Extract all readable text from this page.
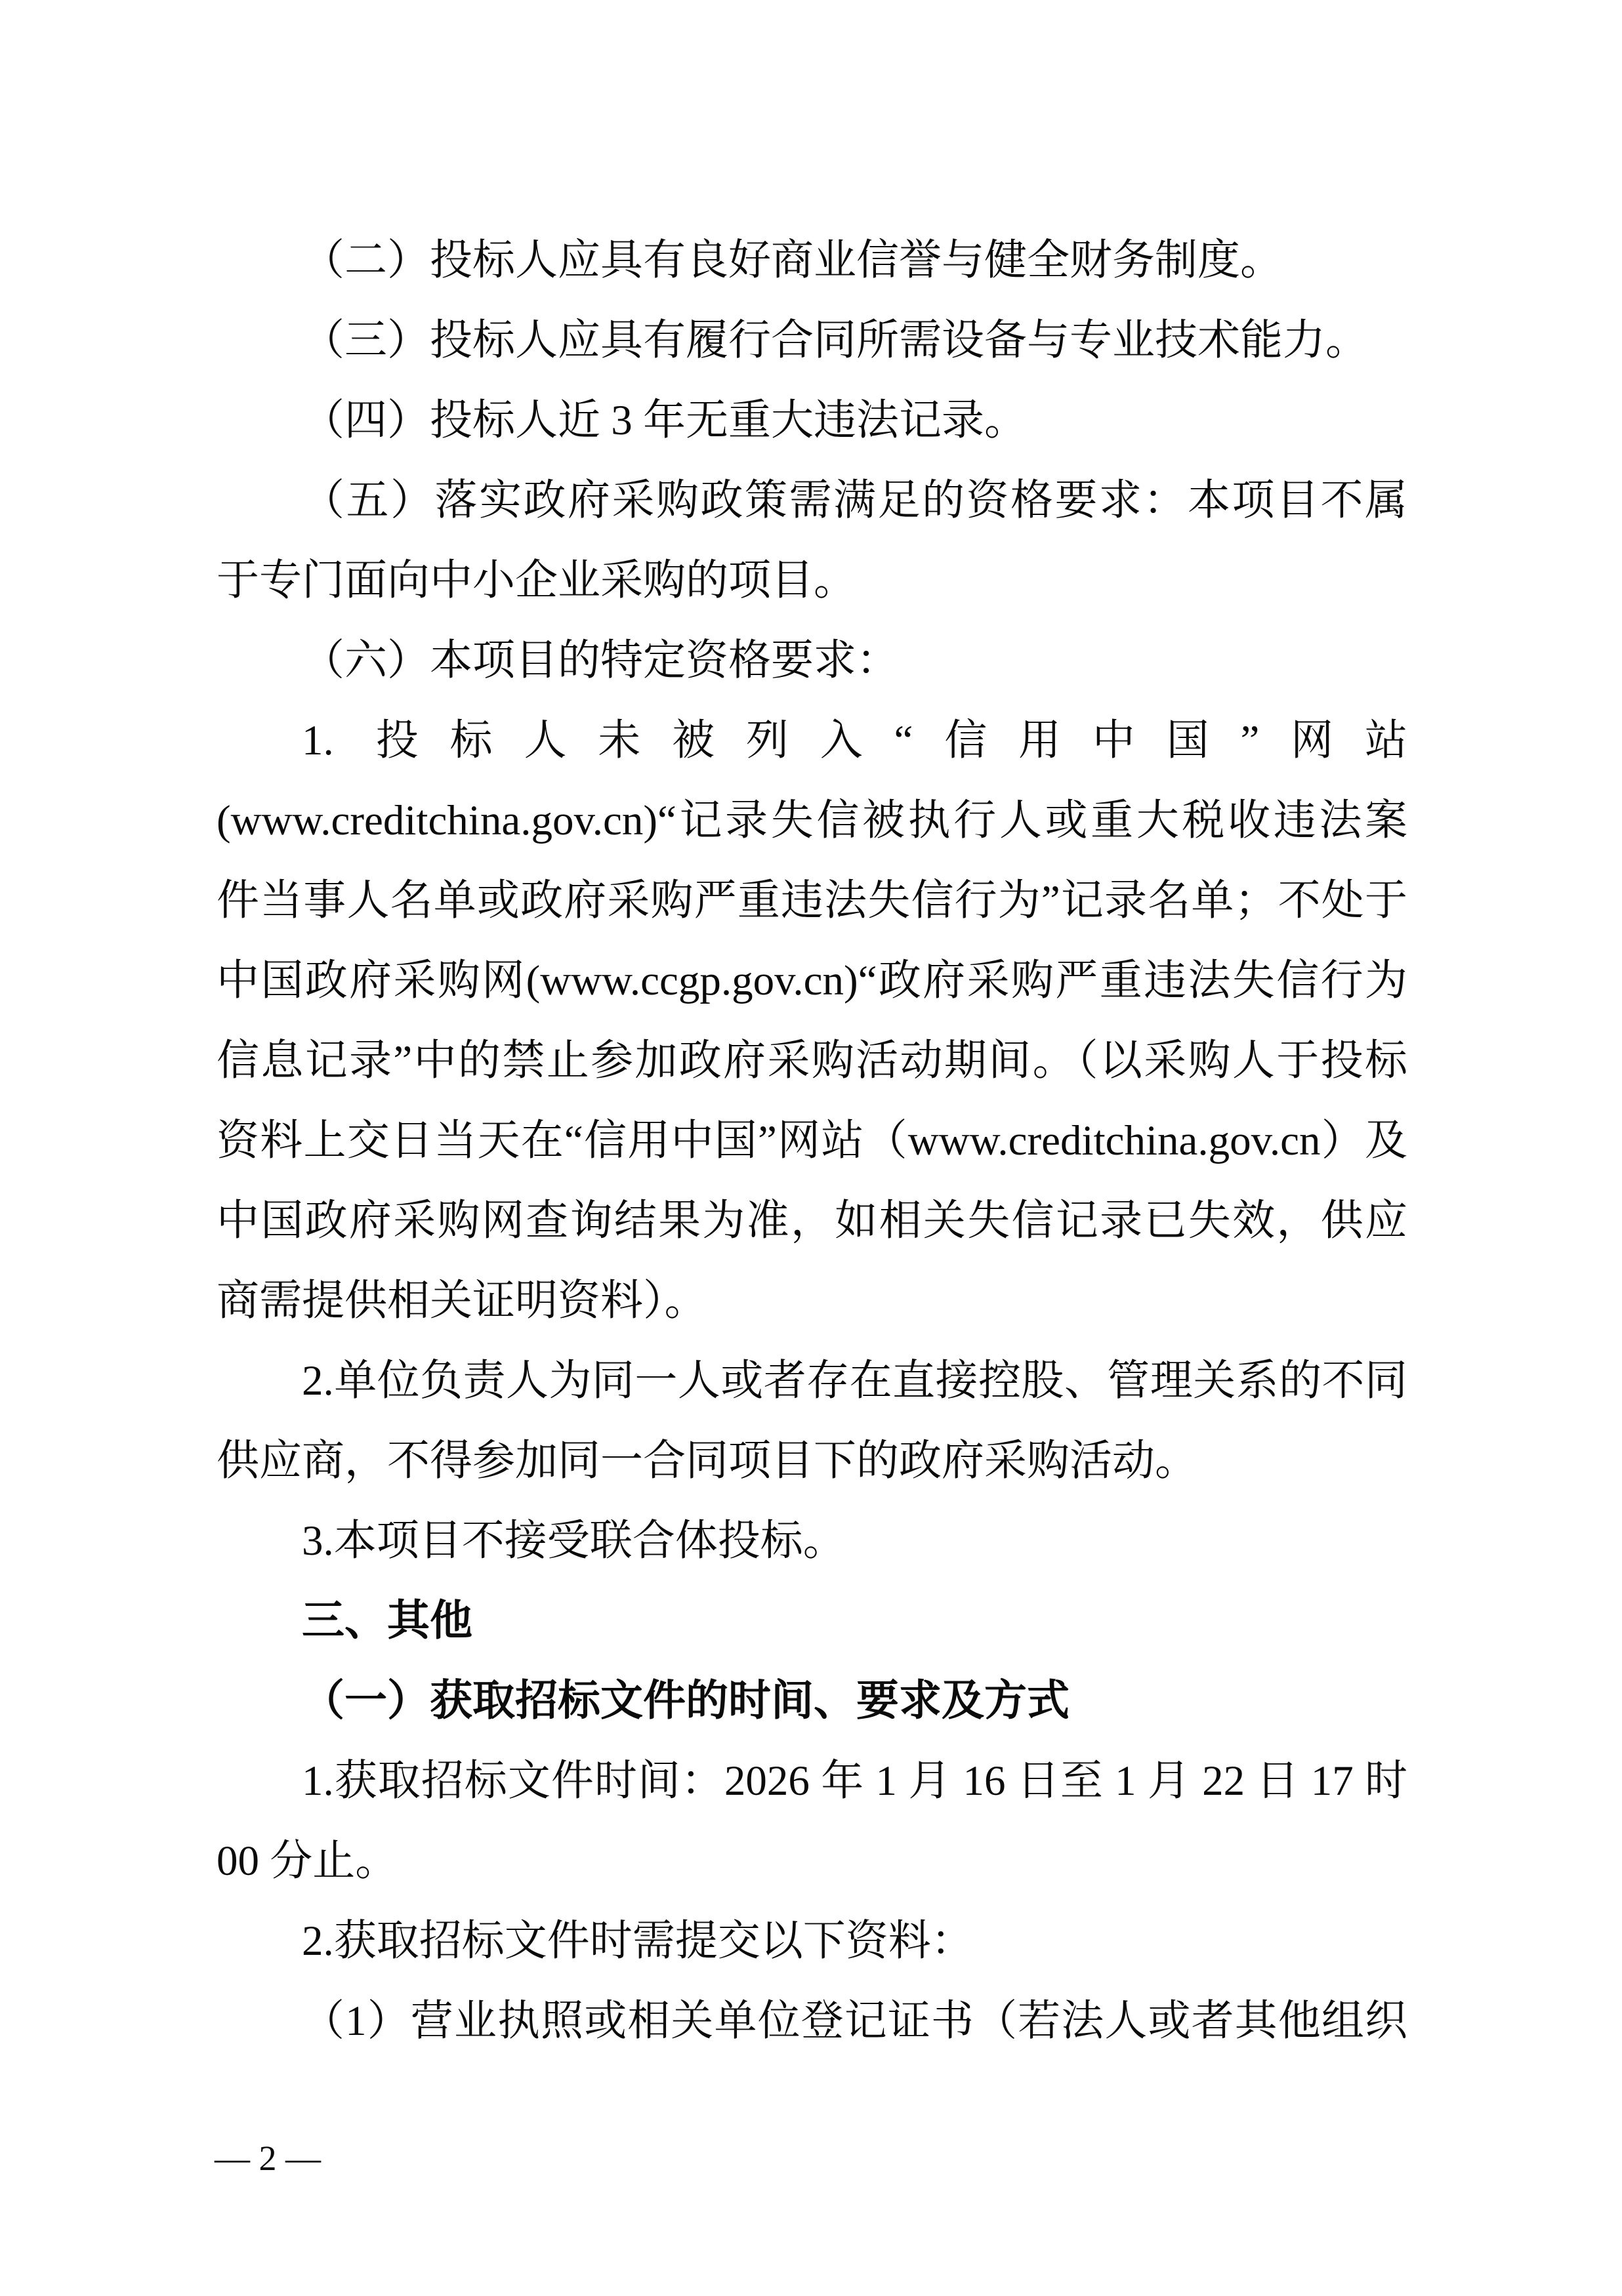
（二）投标人应具有良好商业信誉与健全财务制度。
（三）投标人应具有履行合同所需设备与专业技术能力。
（四）投标人近 3 年无重大违法记录。
（五）落实政府采购政策需满足的资格要求：本项目不属
于专门面向中小企业采购的项目。
（六）本项目的特定资格要求：
1. 投标人未被列入“信用中国”网站
(www.creditchina.gov.cn)“记录失信被执行人或重大税收违法案
件当事人名单或政府采购严重违法失信行为”记录名单；不处于
中国政府采购网(www.ccgp.gov.cn)“政府采购严重违法失信行为
信息记录”中的禁止参加政府采购活动期间。（以采购人于投标
资料上交日当天在“信用中国”网站（www.creditchina.gov.cn）及
中国政府采购网查询结果为准，如相关失信记录已失效，供应
商需提供相关证明资料）。
2.单位负责人为同一人或者存在直接控股、管理关系的不同
供应商，不得参加同一合同项目下的政府采购活动。
3.本项目不接受联合体投标。
三、其他
（一）获取招标文件的时间、要求及方式
1.获取招标文件时间：2026 年 1 月 16 日至 1 月 22 日 17 时
00 分止。
2.获取招标文件时需提交以下资料：
（1）营业执照或相关单位登记证书（若法人或者其他组织
— 2 —
